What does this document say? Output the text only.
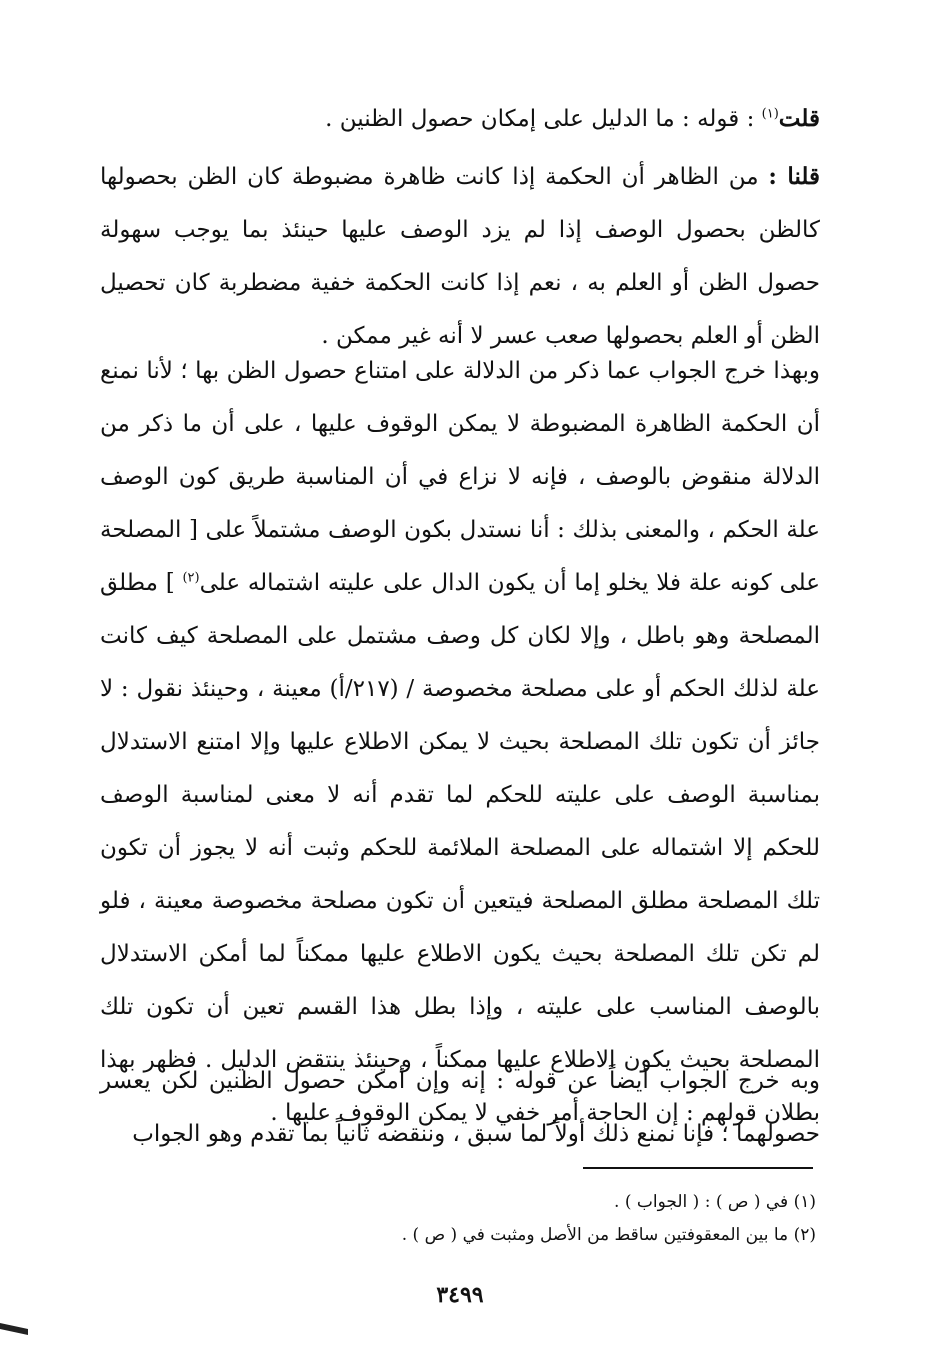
قلت$^{(١)}$ : قوله : ما الدليل على إمكان حصول الظنين .

قلنا : من الظاهر أن الحكمة إذا كانت ظاهرة مضبوطة كان الظن بحصولها كالظن بحصول الوصف إذا لم يزد الوصف عليها حينئذ بما يوجب سهولة حصول الظن أو العلم به ، نعم إذا كانت الحكمة خفية مضطربة كان تحصيل الظن أو العلم بحصولها صعب عسر لا أنه غير ممكن .

وبهذا خرج الجواب عما ذكر من الدلالة على امتناع حصول الظن بها ؛ لأنا نمنع أن الحكمة الظاهرة المضبوطة لا يمكن الوقوف عليها ، على أن ما ذكر من الدلالة منقوض بالوصف ، فإنه لا نزاع في أن المناسبة طريق كون الوصف علة الحكم ، والمعنى بذلك : أنا نستدل بكون الوصف مشتملاً على [ المصلحة على كونه علة فلا يخلو إما أن يكون الدال على عليته اشتماله على$^{(٢)}$ ] مطلق المصلحة وهو باطل ، وإلا لكان كل وصف مشتمل على المصلحة كيف كانت علة لذلك الحكم أو على مصلحة مخصوصة / (٢١٧/أ) معينة ، وحينئذ نقول : لا جائز أن تكون تلك المصلحة بحيث لا يمكن الاطلاع عليها وإلا امتنع الاستدلال بمناسبة الوصف على عليته للحكم لما تقدم أنه لا معنى لمناسبة الوصف للحكم إلا اشتماله على المصلحة الملائمة للحكم وثبت أنه لا يجوز أن تكون تلك المصلحة مطلق المصلحة فيتعين أن تكون مصلحة مخصوصة معينة ، فلو لم تكن تلك المصلحة بحيث يكون الاطلاع عليها ممكناً لما أمكن الاستدلال بالوصف المناسب على عليته ، وإذا بطل هذا القسم تعين أن تكون تلك المصلحة بحيث يكون الاطلاع عليها ممكناً ، وحينئذ ينتقض الدليل . فظهر بهذا بطلان قولهم : إن الحاجة أمر خفي لا يمكن الوقوف عليها .

وبه خرج الجواب أيضاً عن قوله : إنه وإن أمكن حصول الظنين لكن يعسر حصولهما ؛ فإنا نمنع ذلك أولاً لما سبق ، وننقضه ثانياً بما تقدم وهو الجواب

(١) في ( ص ) : ( الجواب ) .

(٢) ما بين المعقوفتين ساقط من الأصل ومثبت في ( ص ) .

٣٤٩٩
